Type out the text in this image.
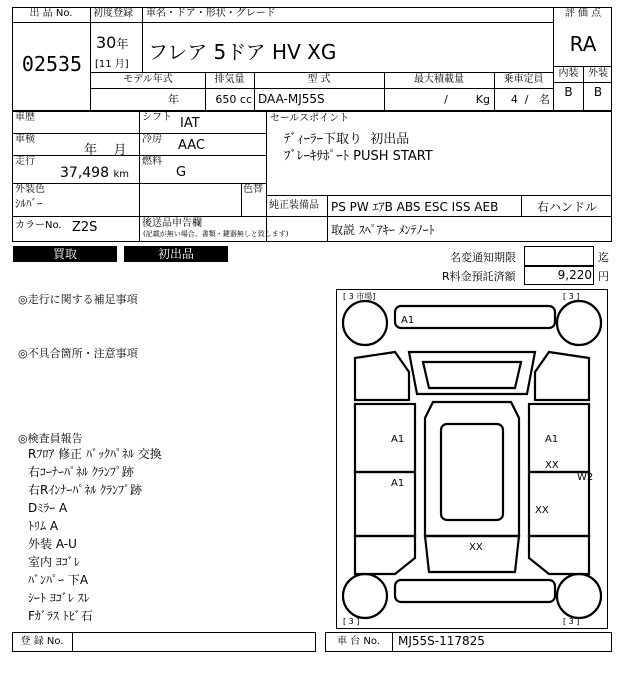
出 品 No.
02535
初度登録
30年
[11 月]
車名・ドア・形状・グレード
フレア 5ドア HV XG
評 価 点
RA
内装 外装
B	B
モデル年式	排気量	型 式	最大積載量	乗車定員
年	650 cc DAA-MJ55S	/        Kg	4  /   名
車歴	シフト IAT
車検
年    月
冷房 AAC
走行
37,498 km
燃料
G
外装色
ｼﾙﾊﾞｰ
色替
カラーNo. Z2S	後送品申告欄
(記載が無い場合、書類・鍵器無しと致します)
セールスポイント
ﾃﾞｨｰﾗｰ下取り  初出品
ﾌﾞﾚｰｷｻﾎﾟｰﾄ PUSH START
純正装備品 PS PW ｴｱB ABS ESC ISS AEB	右ハンドル
取説 ｽﾍﾟｱｷｰ ﾒﾝﾃﾉｰﾄ
買取	初出品	名変通知期限	迄
R料金預託済額	9,220 円
◎走行に関する補足事項
◎不具合箇所・注意事項
◎検査員報告
Rﾌﾛｱ 修正 ﾊﾞｯｸﾊﾟﾈﾙ 交換
右ｺｰﾅｰﾊﾟﾈﾙ ｸﾗﾝﾌﾟ跡
右Rｲﾝﾅｰﾊﾟﾈﾙ ｸﾗﾝﾌﾟ跡
Dﾐﾗｰ A
ﾄﾘﾑ A
外装 A-U
室内 ﾖｺﾞﾚ
ﾊﾞﾝﾊﾟｰ 下A
ｼｰﾄ ﾖｺﾞﾚ ｽﾚ
Fｶﾞﾗｽ ﾄﾋﾞ石
[ 3 市場]	[ 3 ]
[ 3 ]	[ 3 ]
A1
A1	A1
A1
XX
W2
XX
XX
登 録 No.	車 台 No.	MJ55S-117825
